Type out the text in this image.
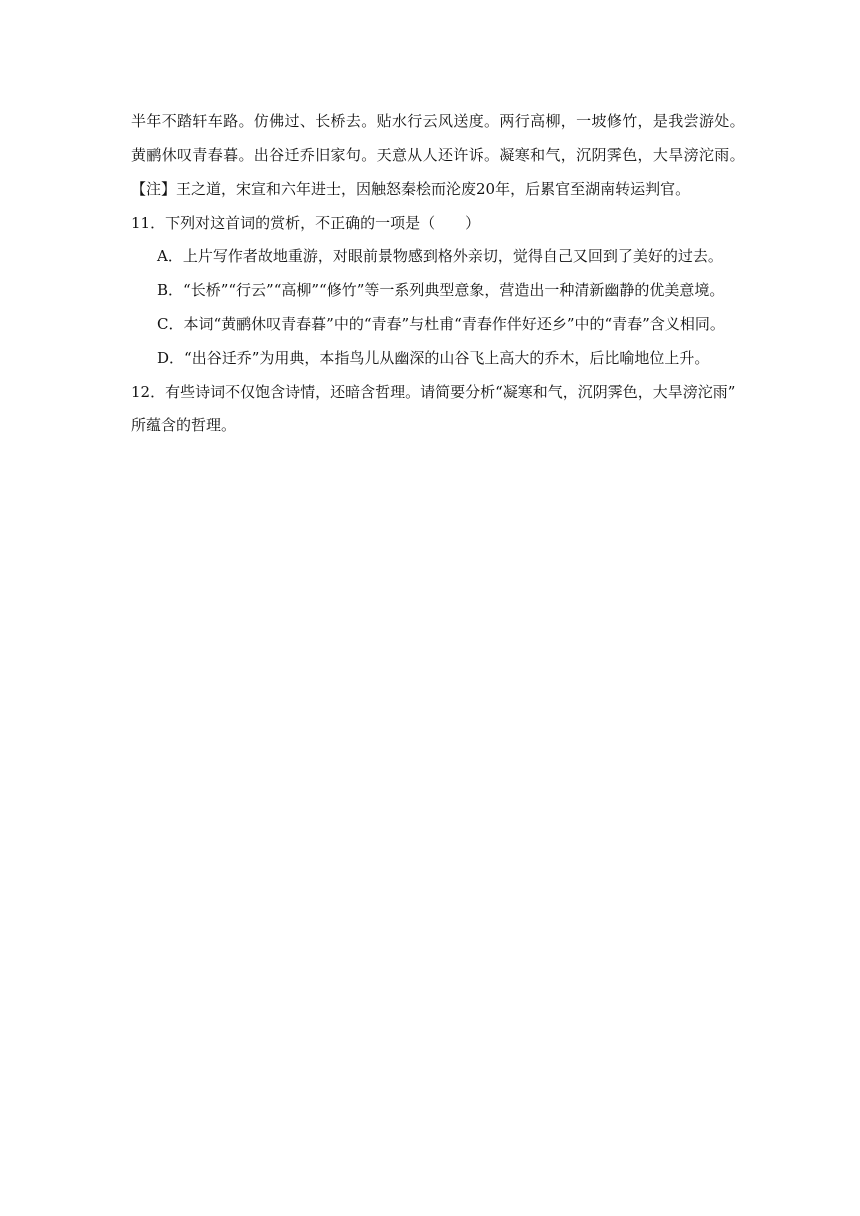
半年不踏轩车路。仿佛过、长桥去。贴水行云风送度。两行高柳，一坡修竹，是我尝游处。
黄鹂休叹青春暮。出谷迁乔旧家句。天意从人还许诉。凝寒和气，沉阴霁色，大旱滂沱雨。
【注】王之道，宋宣和六年进士，因触怒秦桧而沦废20年，后累官至湖南转运判官。
11．下列对这首词的赏析，不正确的一项是（　　）
A．上片写作者故地重游，对眼前景物感到格外亲切，觉得自己又回到了美好的过去。
B．“长桥”“行云”“高柳”“修竹”等一系列典型意象，营造出一种清新幽静的优美意境。
C．本词“黄鹂休叹青春暮”中的“青春”与杜甫“青春作伴好还乡”中的“青春”含义相同。
D．“出谷迁乔”为用典，本指鸟儿从幽深的山谷飞上高大的乔木，后比喻地位上升。
12．有些诗词不仅饱含诗情，还暗含哲理。请简要分析“凝寒和气，沉阴霁色，大旱滂沱雨”
所蕴含的哲理。
